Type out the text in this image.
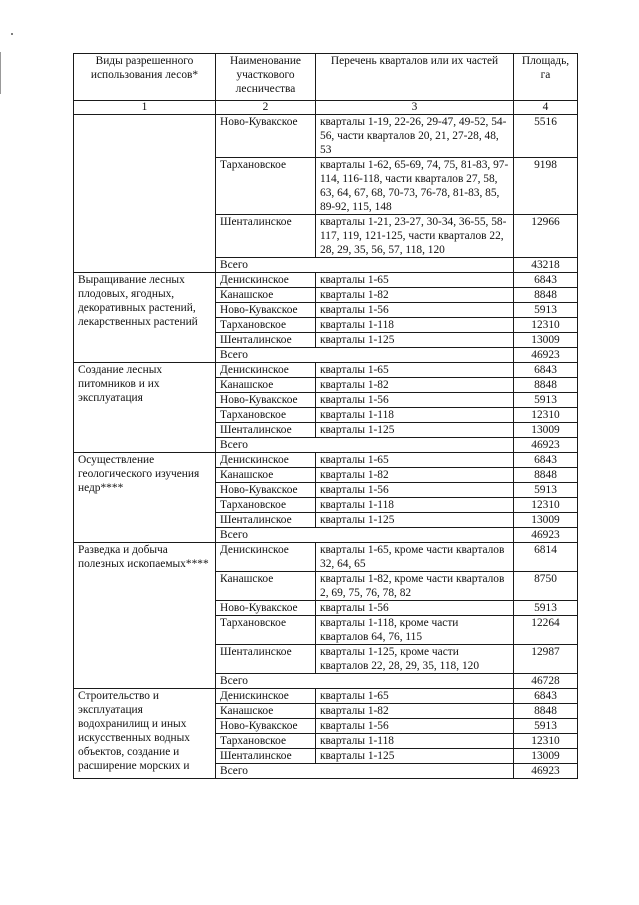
Виды разрешенного использования лесов*	Наименование участкового лесничества	Перечень кварталов или их частей	Площадь, га
1	2	3	4
	Ново-Кувакское	кварталы 1-19, 22-26, 29-47, 49-52, 54-56, части кварталов 20, 21, 27-28, 48, 53	5516
	Тархановское	кварталы 1-62, 65-69, 74, 75, 81-83, 97-114, 116-118, части кварталов 27, 58, 63, 64, 67, 68, 70-73, 76-78, 81-83, 85, 89-92, 115, 148	9198
	Шенталинское	кварталы 1-21, 23-27, 30-34, 36-55, 58-117, 119, 121-125, части кварталов 22, 28, 29, 35, 56, 57, 118, 120	12966
	Всего		43218
Выращивание лесных плодовых, ягодных, декоративных растений, лекарственных растений	Денискинское	кварталы 1-65	6843
	Канашское	кварталы 1-82	8848
	Ново-Кувакское	кварталы 1-56	5913
	Тархановское	кварталы 1-118	12310
	Шенталинское	кварталы 1-125	13009
	Всего		46923
Создание лесных питомников и их эксплуатация	Денискинское	кварталы 1-65	6843
	Канашское	кварталы 1-82	8848
	Ново-Кувакское	кварталы 1-56	5913
	Тархановское	кварталы 1-118	12310
	Шенталинское	кварталы 1-125	13009
	Всего		46923
Осуществление геологического изучения недр****	Денискинское	кварталы 1-65	6843
	Канашское	кварталы 1-82	8848
	Ново-Кувакское	кварталы 1-56	5913
	Тархановское	кварталы 1-118	12310
	Шенталинское	кварталы 1-125	13009
	Всего		46923
Разведка и добыча полезных ископаемых****	Денискинское	кварталы 1-65, кроме части кварталов 32, 64, 65	6814
	Канашское	кварталы 1-82, кроме части кварталов 2, 69, 75, 76, 78, 82	8750
	Ново-Кувакское	кварталы 1-56	5913
	Тархановское	кварталы 1-118, кроме части кварталов 64, 76, 115	12264
	Шенталинское	кварталы 1-125, кроме части кварталов 22, 28, 29, 35, 118, 120	12987
	Всего		46728
Строительство и эксплуатация водохранилищ и иных искусственных водных объектов, создание и расширение морских и	Денискинское	кварталы 1-65	6843
	Канашское	кварталы 1-82	8848
	Ново-Кувакское	кварталы 1-56	5913
	Тархановское	кварталы 1-118	12310
	Шенталинское	кварталы 1-125	13009
	Всего		46923
